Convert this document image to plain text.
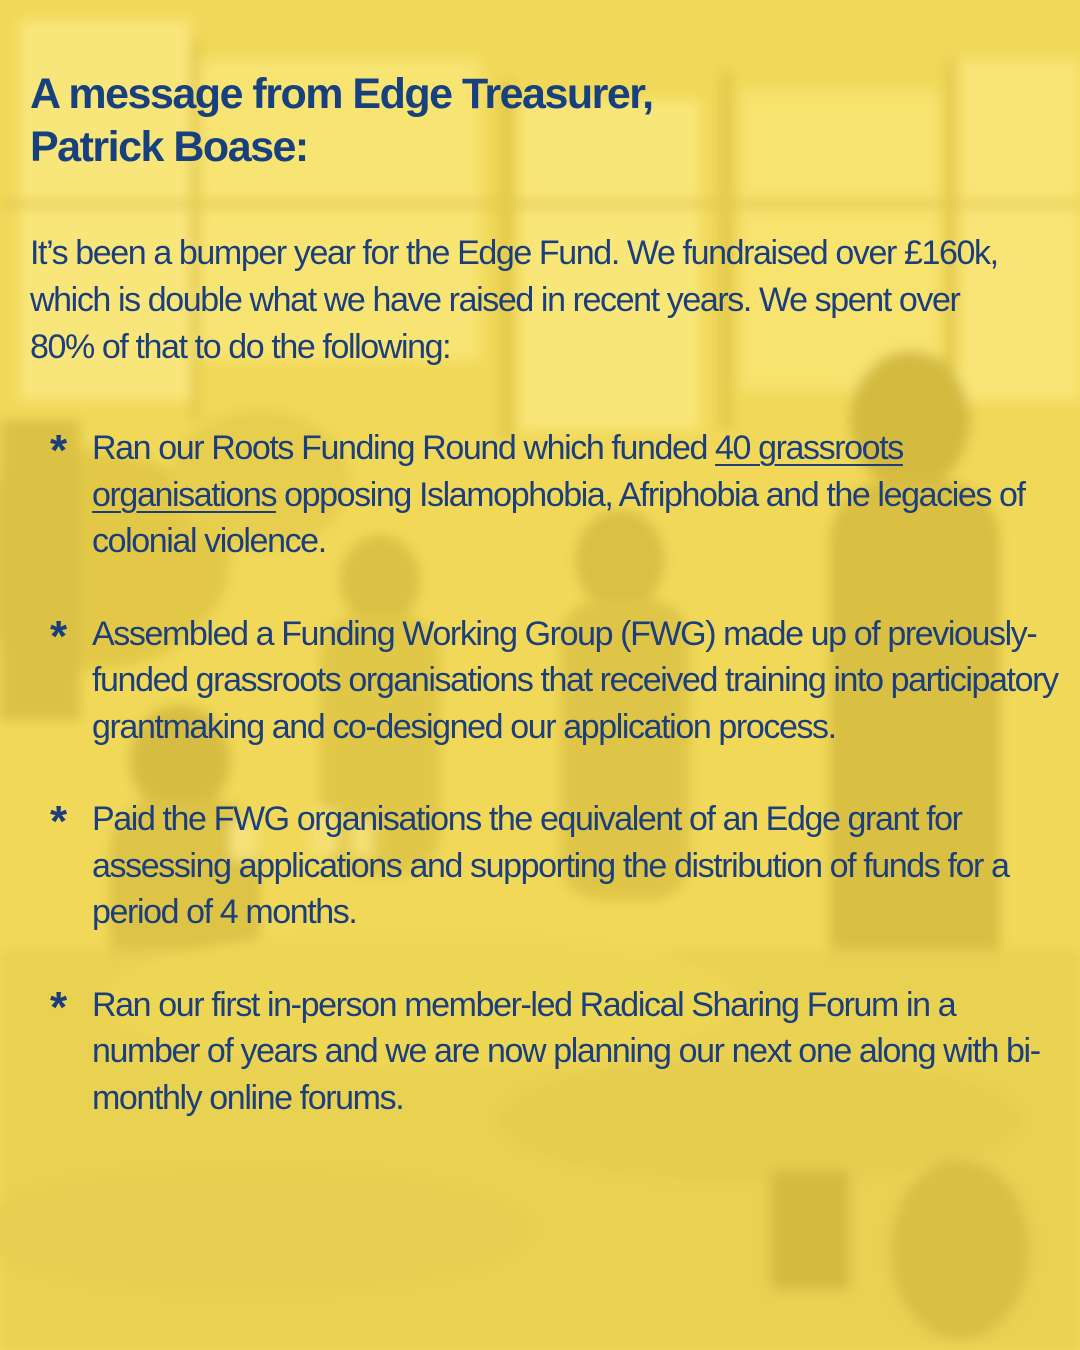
A message from Edge Treasurer,
Patrick Boase:

It’s been a bumper year for the Edge Fund. We fundraised over £160k, which is double what we have raised in recent years. We spent over 80% of that to do the following:

* Ran our Roots Funding Round which funded 40 grassroots organisations opposing Islamophobia, Afriphobia and the legacies of colonial violence.
* Assembled a Funding Working Group (FWG) made up of previously-funded grassroots organisations that received training into participatory grantmaking and co-designed our application process.
* Paid the FWG organisations the equivalent of an Edge grant for assessing applications and supporting the distribution of funds for a period of 4 months.
* Ran our first in-person member-led Radical Sharing Forum in a number of years and we are now planning our next one along with bi-monthly online forums.
